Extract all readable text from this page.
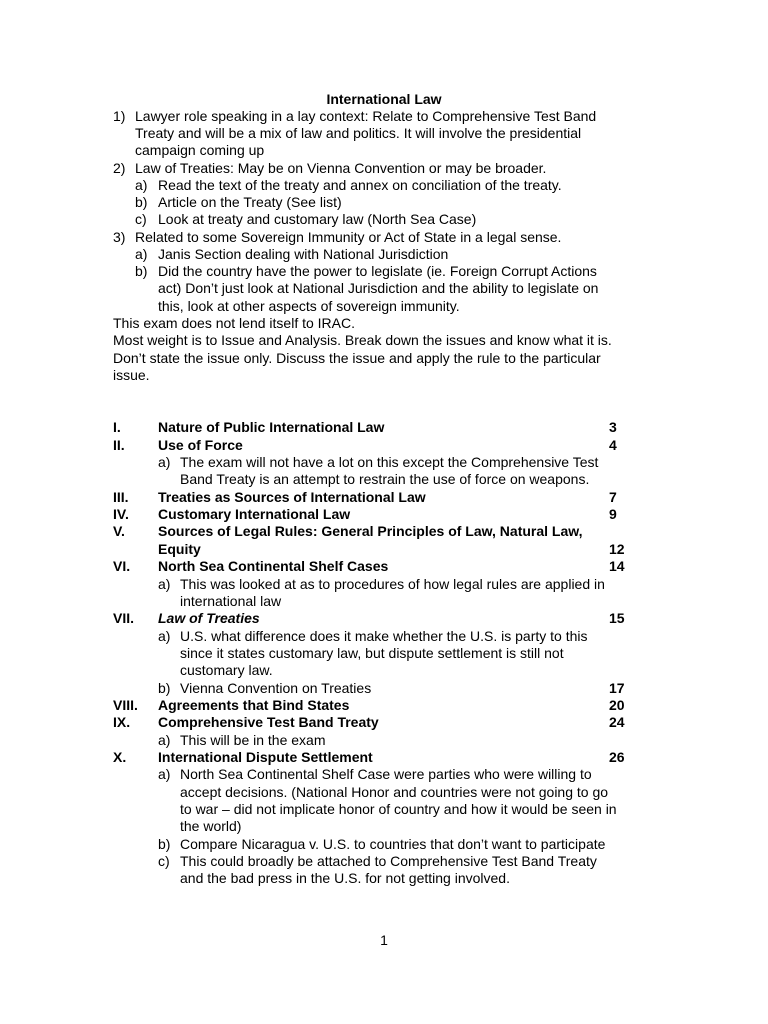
International Law
1) Lawyer role speaking in a lay context: Relate to Comprehensive Test Band
Treaty and will be a mix of law and politics. It will involve the presidential
campaign coming up
2) Law of Treaties: May be on Vienna Convention or may be broader.
a) Read the text of the treaty and annex on conciliation of the treaty.
b) Article on the Treaty (See list)
c) Look at treaty and customary law (North Sea Case)
3) Related to some Sovereign Immunity or Act of State in a legal sense.
a) Janis Section dealing with National Jurisdiction
b) Did the country have the power to legislate (ie. Foreign Corrupt Actions
act) Don’t just look at National Jurisdiction and the ability to legislate on
this, look at other aspects of sovereign immunity.
This exam does not lend itself to IRAC.
Most weight is to Issue and Analysis. Break down the issues and know what it is.
Don’t state the issue only. Discuss the issue and apply the rule to the particular
issue.
I.	Nature of Public International Law	3
II. Use of Force	4
a) The exam will not have a lot on this except the Comprehensive Test
Band Treaty is an attempt to restrain the use of force on weapons.
III. Treaties as Sources of International Law	7
IV. Customary International Law	9
V. Sources of Legal Rules: General Principles of Law, Natural Law,
Equity	12
VI. North Sea Continental Shelf Cases	14
a) This was looked at as to procedures of how legal rules are applied in
international law
VII. Law of Treaties	15
a) U.S. what difference does it make whether the U.S. is party to this
since it states customary law, but dispute settlement is still not
customary law.
b) Vienna Convention on Treaties	17
VIII. Agreements that Bind States	20
IX. Comprehensive Test Band Treaty	24
a) This will be in the exam
X. International Dispute Settlement	26
a) North Sea Continental Shelf Case were parties who were willing to
accept decisions. (National Honor and countries were not going to go
to war – did not implicate honor of country and how it would be seen in
the world)
b) Compare Nicaragua v. U.S. to countries that don’t want to participate
c) This could broadly be attached to Comprehensive Test Band Treaty
and the bad press in the U.S. for not getting involved.
1
